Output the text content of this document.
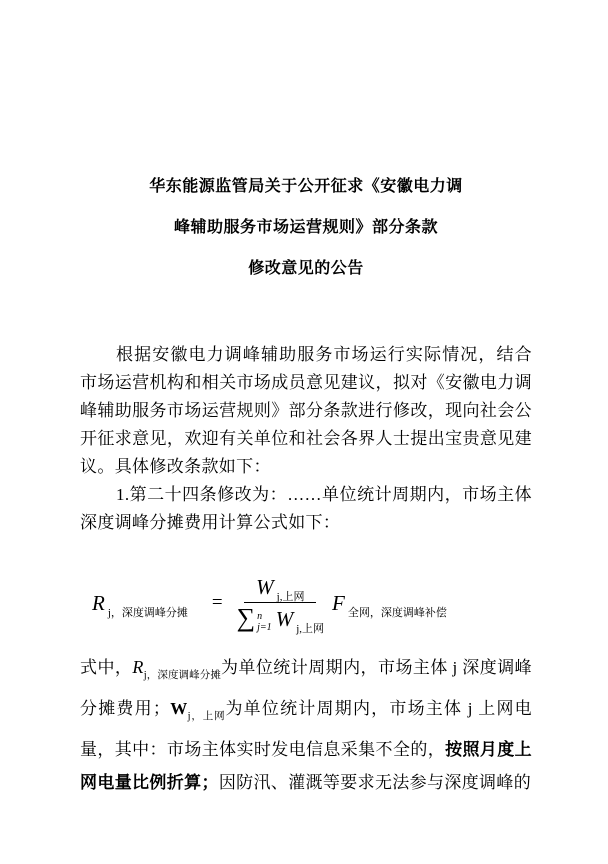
华东能源监管局关于公开征求《安徽电力调
峰辅助服务市场运营规则》部分条款
修改意见的公告

根据安徽电力调峰辅助服务市场运行实际情况，结合市场运营机构和相关市场成员意见建议，拟对《安徽电力调峰辅助服务市场运营规则》部分条款进行修改，现向社会公开征求意见，欢迎有关单位和社会各界人士提出宝贵意见建议。具体修改条款如下：

1.第二十四条修改为：……单位统计周期内，市场主体深度调峰分摊费用计算公式如下：

R j，深度调峰分摊 =
W j,上网
∑ n
j=1 W j,上网
F 全网，深度调峰补偿

式中，$R_{j,深度调峰分摊}$为单位统计周期内，市场主体 j 深度调峰分摊费用；$W_{j,上网}$为单位统计周期内，市场主体 j 上网电量，其中：市场主体实时发电信息采集不全的，按照月度上网电量比例折算；因防汛、灌溉等要求无法参与深度调峰的
